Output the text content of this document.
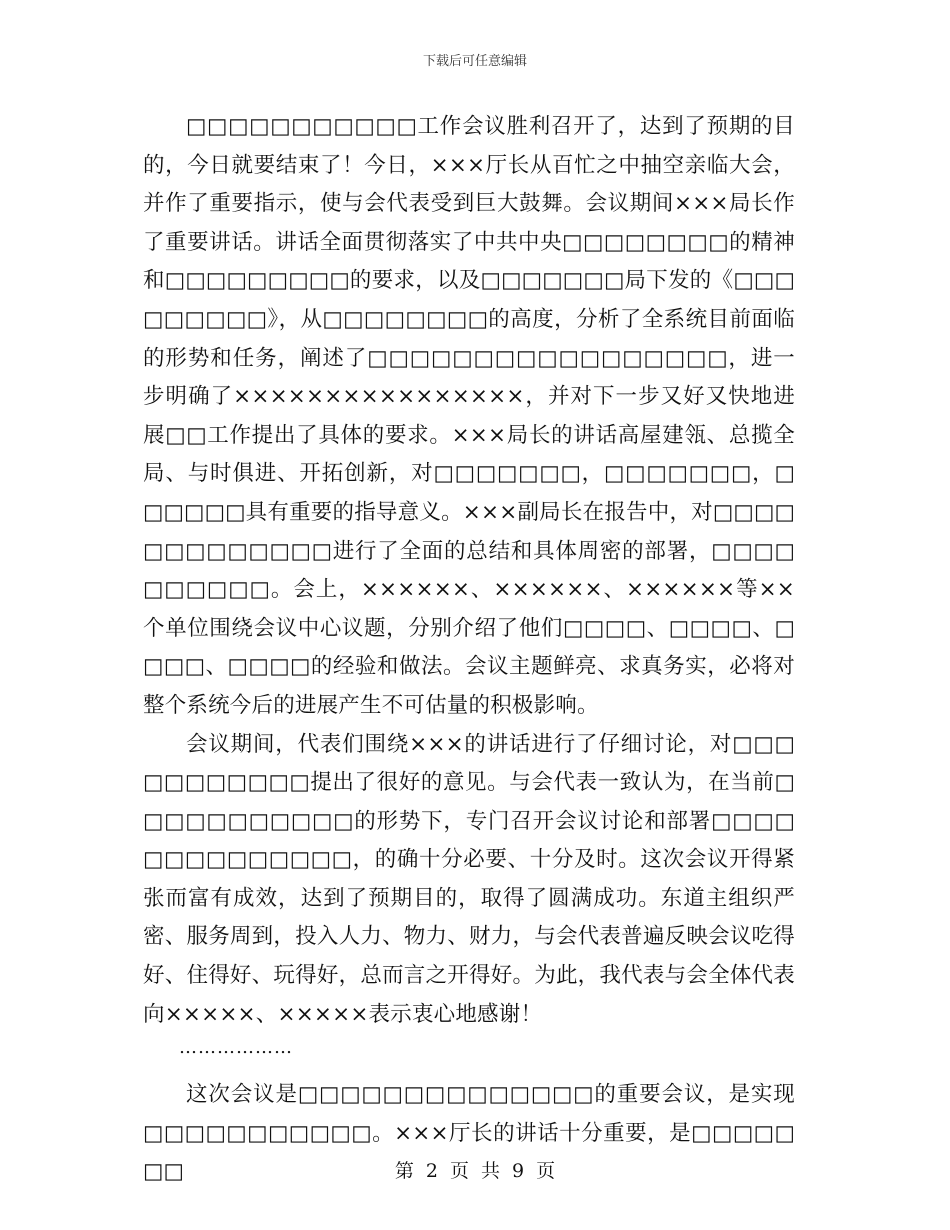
下载后可任意编辑

□□□□□□□□□□□工作会议胜利召开了，达到了预期的目的，今日就要结束了！今日，×××厅长从百忙之中抽空亲临大会，并作了重要指示，使与会代表受到巨大鼓舞。会议期间×××局长作了重要讲话。讲话全面贯彻落实了中共中央□□□□□□□□的精神和□□□□□□□□□的要求，以及□□□□□□□局下发的《□□□□□□□□□》，从□□□□□□□□的高度，分析了全系统目前面临的形势和任务，阐述了□□□□□□□□□□□□□□□□□，进一步明确了××××××××××××××××，并对下一步又好又快地进展□□工作提出了具体的要求。×××局长的讲话高屋建瓴、总揽全局、与时俱进、开拓创新，对□□□□□□□，□□□□□□□，□□□□□□具有重要的指导意义。×××副局长在报告中，对□□□□□□□□□□□□□进行了全面的总结和具体周密的部署，□□□□□□□□□□。会上，××××××、××××××、××××××等××个单位围绕会议中心议题，分别介绍了他们□□□□、□□□□、□□□□、□□□□的经验和做法。会议主题鲜亮、求真务实，必将对整个系统今后的进展产生不可估量的积极影响。

会议期间，代表们围绕×××的讲话进行了仔细讨论，对□□□□□□□□□□□提出了很好的意见。与会代表一致认为，在当前□□□□□□□□□□□的形势下，专门召开会议讨论和部署□□□□□□□□□□□□□□，的确十分必要、十分及时。这次会议开得紧张而富有成效，达到了预期目的，取得了圆满成功。东道主组织严密、服务周到，投入人力、物力、财力，与会代表普遍反映会议吃得好、住得好、玩得好，总而言之开得好。为此，我代表与会全体代表向×××××、×××××表示衷心地感谢！

………………

这次会议是□□□□□□□□□□□□□□的重要会议，是实现□□□□□□□□□□□。×××厅长的讲话十分重要，是□□□□□□□	第 2 页 共 9 页
